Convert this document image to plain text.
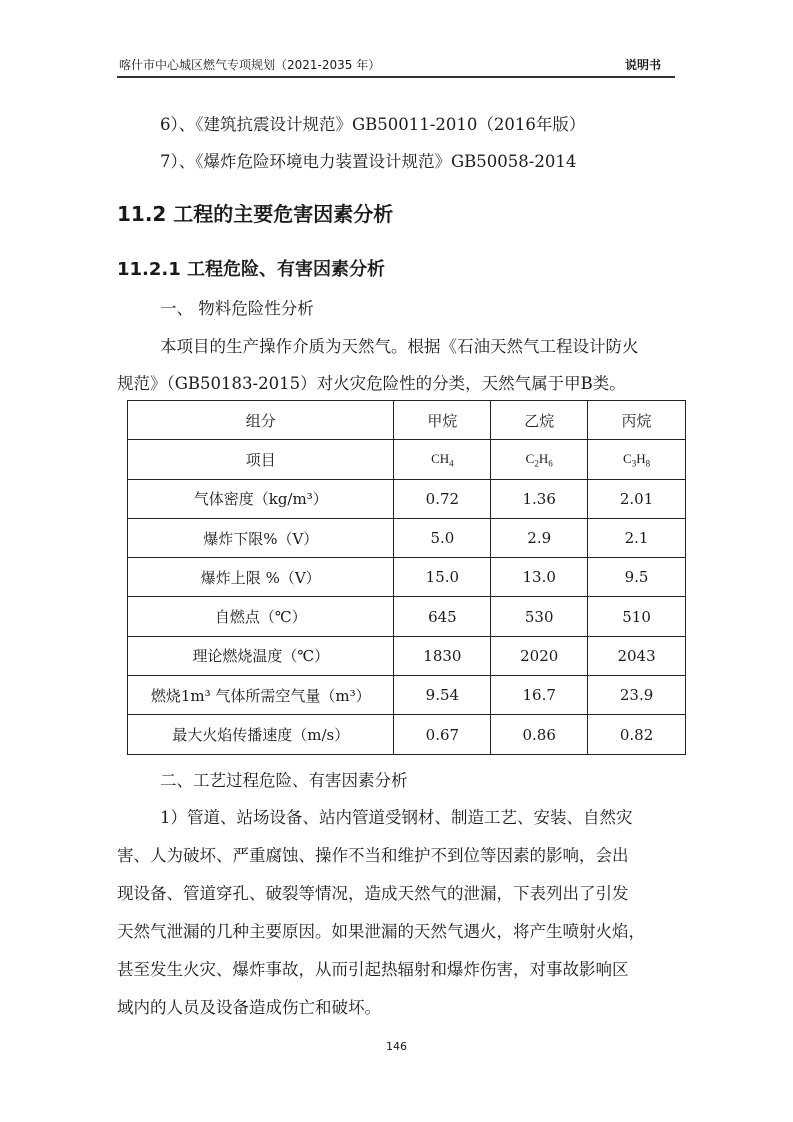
喀什市中心城区燃气专项规划（2021-2035 年）	说明书
6）、《建筑抗震设计规范》GB50011-2010（2016年版）
7）、《爆炸危险环境电力装置设计规范》GB50058-2014
11.2 工程的主要危害因素分析
11.2.1 工程危险、有害因素分析
一、 物料危险性分析
本项目的生产操作介质为天然气。根据《石油天然气工程设计防火
规范》（GB50183-2015）对火灾危险性的分类，天然气属于甲B类。
组分	甲烷	乙烷	丙烷
项目	$CH_4$	$C_2H_6$	$C_3H_8$
气体密度（kg/m³）	0.72	1.36	2.01
爆炸下限%（V）	5.0	2.9	2.1
爆炸上限 %（V）	15.0	13.0	9.5
自燃点（℃）	645	530	510
理论燃烧温度（℃）	1830	2020	2043
燃烧1m³ 气体所需空气量（m³）	9.54	16.7	23.9
最大火焰传播速度（m/s）	0.67	0.86	0.82
二、工艺过程危险、有害因素分析
1）管道、站场设备、站内管道受钢材、制造工艺、安装、自然灾
害、人为破坏、严重腐蚀、操作不当和维护不到位等因素的影响，会出
现设备、管道穿孔、破裂等情况，造成天然气的泄漏，下表列出了引发
天然气泄漏的几种主要原因。如果泄漏的天然气遇火，将产生喷射火焰，
甚至发生火灾、爆炸事故，从而引起热辐射和爆炸伤害，对事故影响区
域内的人员及设备造成伤亡和破坏。
146
